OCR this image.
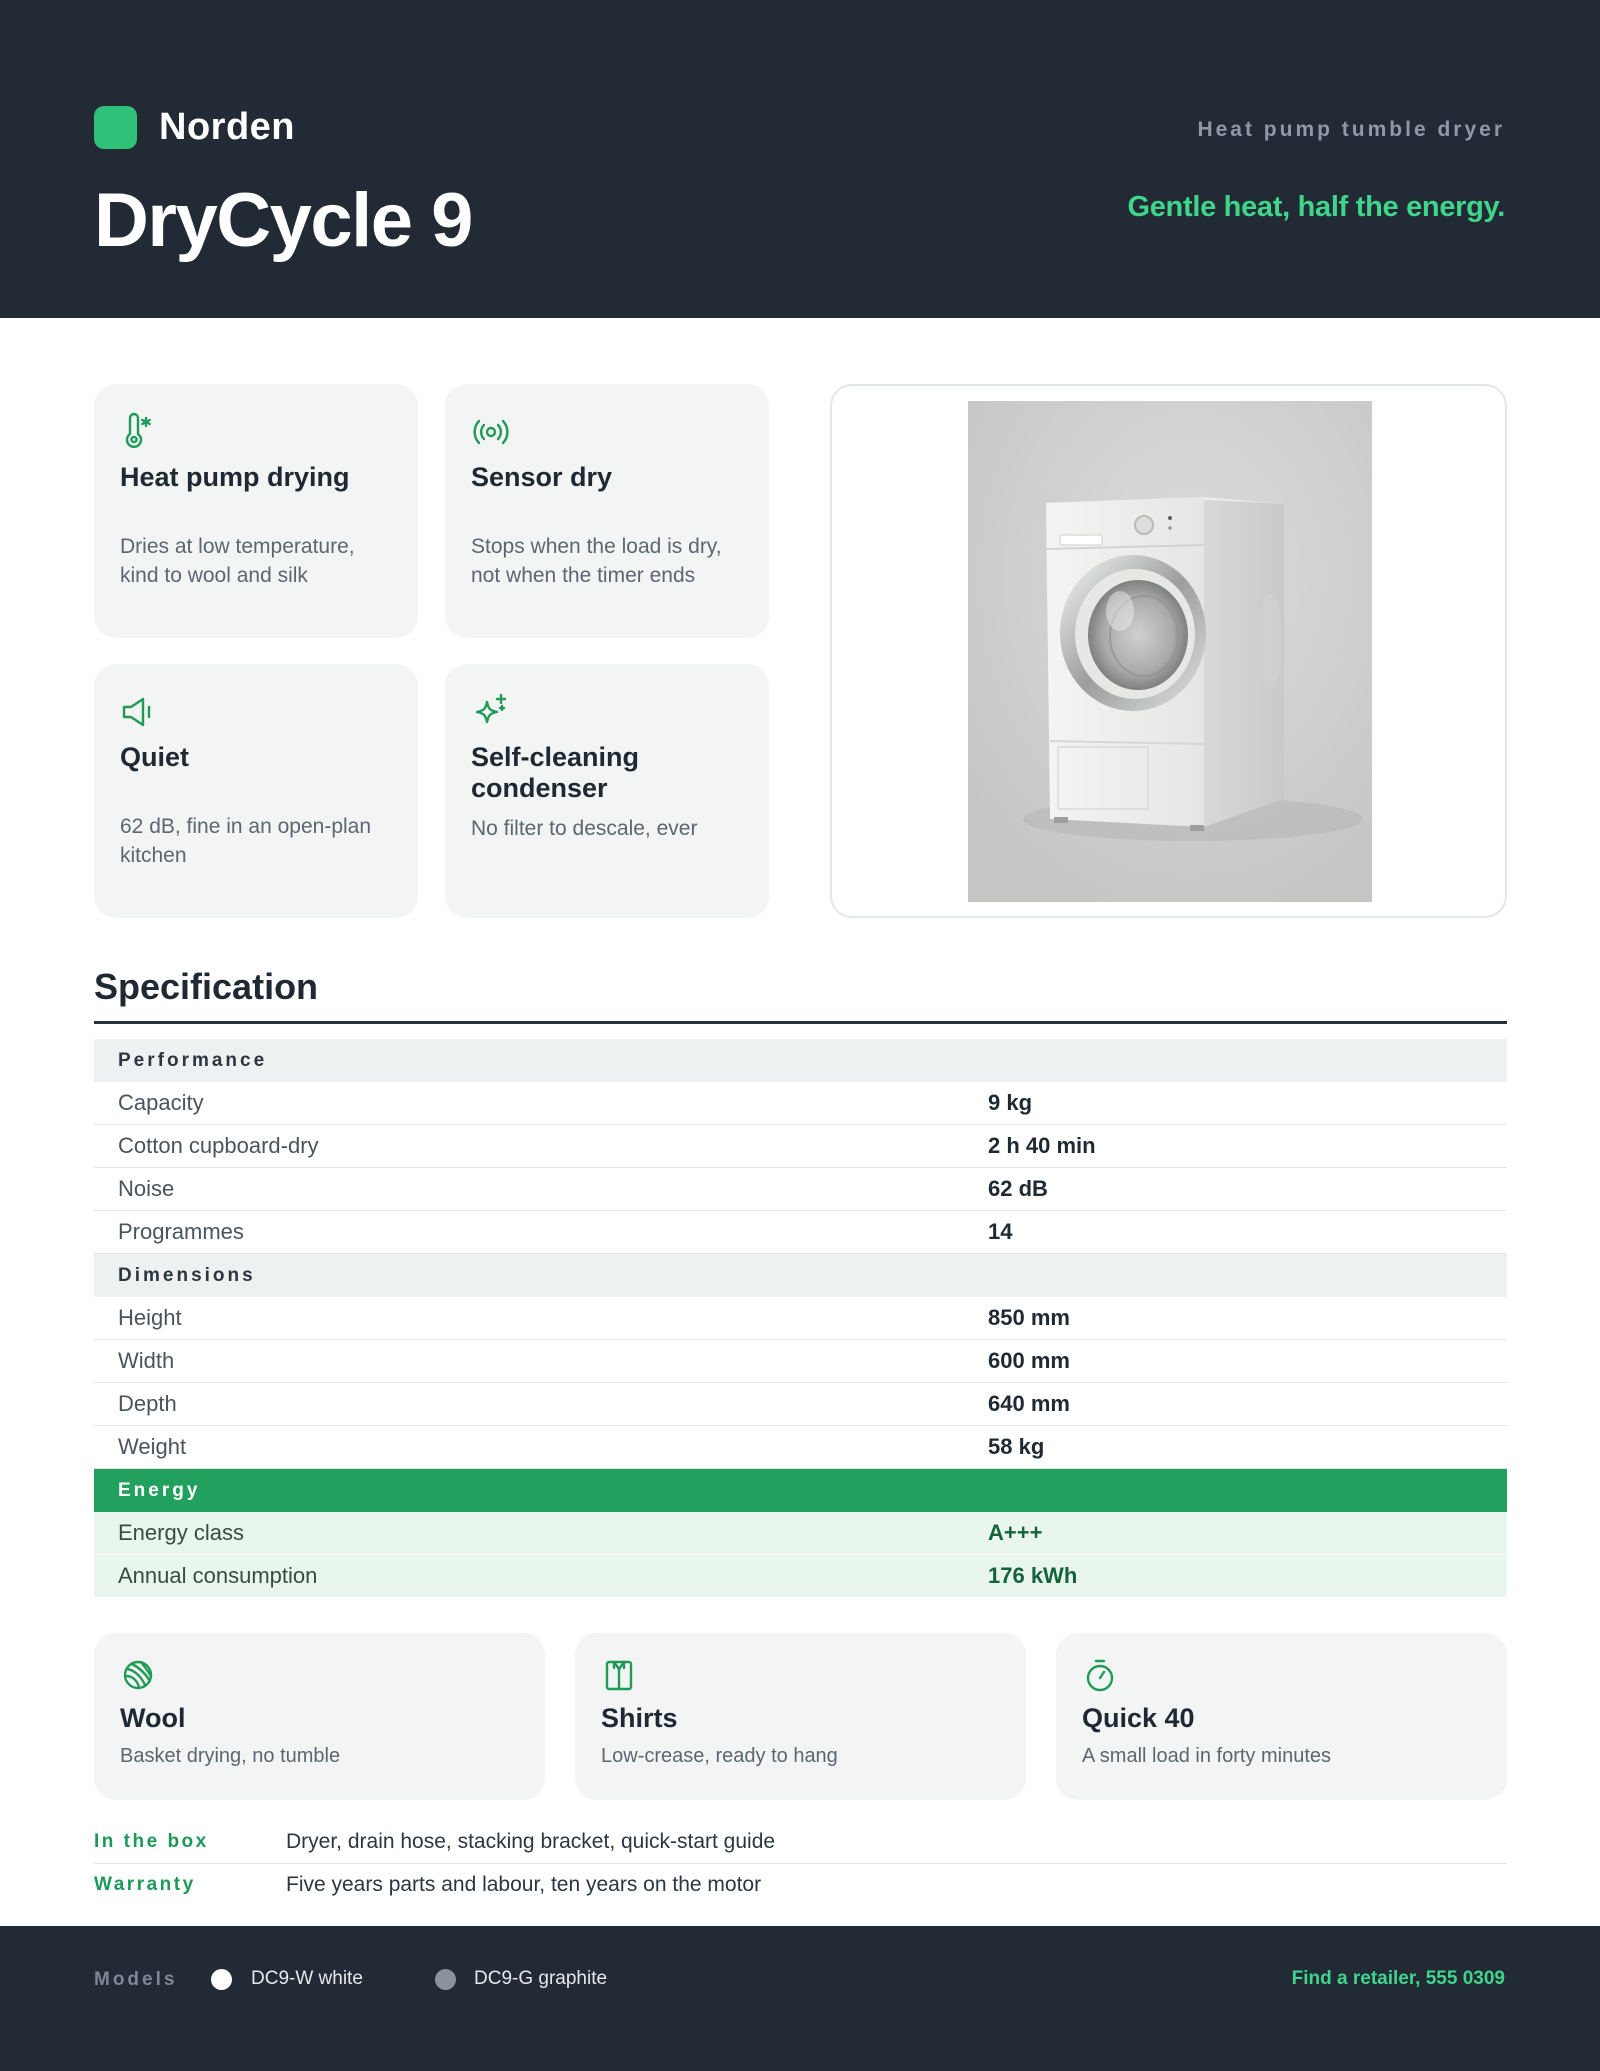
Norden
DryCycle 9
Heat pump tumble dryer
Gentle heat, half the energy.
Heat pump drying
Dries at low temperature, kind to wool and silk
Sensor dry
Stops when the load is dry, not when the timer ends
Quiet
62 dB, fine in an open-plan kitchen
Self-cleaning condenser
No filter to descale, ever
Specification
Performance
Capacity	9 kg
Cotton cupboard-dry	2 h 40 min
Noise	62 dB
Programmes	14
Dimensions
Height	850 mm
Width	600 mm
Depth	640 mm
Weight	58 kg
Energy
Energy class	A+++
Annual consumption	176 kWh
Wool
Basket drying, no tumble
Shirts
Low-crease, ready to hang
Quick 40
A small load in forty minutes
In the box	Dryer, drain hose, stacking bracket, quick-start guide
Warranty	Five years parts and labour, ten years on the motor
Models	DC9-W white	DC9-G graphite	Find a retailer, 555 0309
